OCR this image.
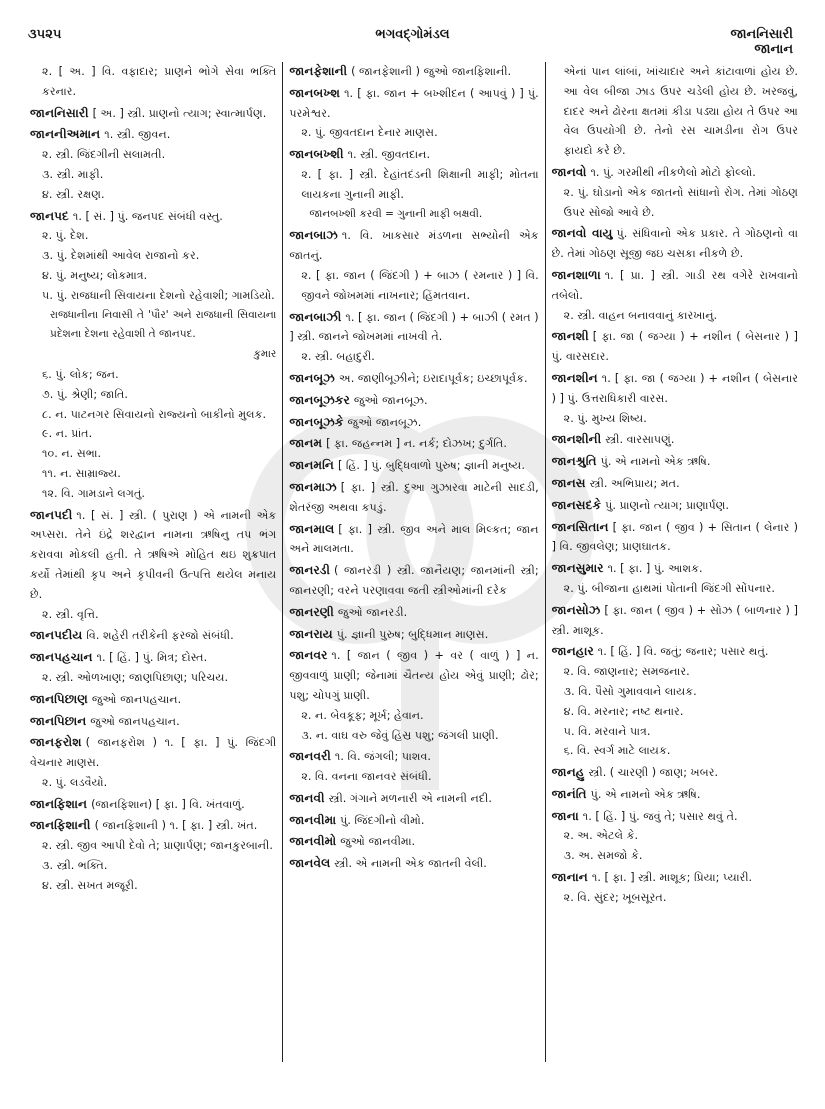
૩૫૨૫	ભગવદ્ગોમંડલ	જાનનિસારી
જાનાન
૨. [ અ. ] વિ. વફાદાર; પ્રાણને ભોગે સેવા ભક્તિ કરનાર.
જાનનિસારી [ અ. ] સ્ત્રી. પ્રાણનો ત્યાગ; સ્વાત્માર્પણ.
જાનનીઅમાન ૧. સ્ત્રી. જીવન.
૨. સ્ત્રી. જિંદગીની સલામતી.
૩. સ્ત્રી. માફી.
૪. સ્ત્રી. રક્ષણ.
જાનપદ ૧. [ સં. ] પું. જનપદ સંબંધી વસ્તુ.
૨. પું. દેશ.
૩. પું. દેશમાંથી આવેલ રાજાનો કર.
૪. પું. મનુષ્ય; લોકમાત્ર.
૫. પું. રાજધાની સિવાયના દેશનો રહેવાશી; ગામડિયો.
રાજધાનીના નિવાસી તે 'પૌર' અને રાજધાની સિવાયના પ્રદેશના દેશના રહેવાશી તે જાનપદ.
કુમાર
૬. પું. લોક; જન.
૭. પું. શ્રેણી; જાતિ.
૮. ન. પાટનગર સિવાયનો રાજ્યનો બાકીનો મુલક.
૯. ન. પ્રાંત.
૧૦. ન. સભા.
૧૧. ન. સામ્રાજ્ય.
૧૨. વિ. ગામડાને લગતું.
જાનપદી ૧. [ સં. ] સ્ત્રી. ( પુરાણ ) એ નામની એક અપ્સરા. તેને ઇંદ્રે શરદ્વાન નામના ઋષિનુ તપ ભંગ કરાવવા મોકલી હતી. તે ઋષિએ મોહિત થઇ શુક્રપાત કર્યો તેમાંથી કૃપ અને કૃપીવની ઉત્પત્તિ થયેલ મનાય છે.
૨. સ્ત્રી. વૃત્તિ.
જાનપદીય વિ. શહેરી તરીકેની ફરજો સંબંધી.
જાનપહચાન ૧. [ હિં. ] પું. મિત્ર; દોસ્ત.
૨. સ્ત્રી. ઓળખાણ; જાણપિછાણ; પરિચય.
જાનપિછાણ જુઓ જાનપહચાન.
જાનપિછાન જુઓ જાનપહચાન.
જાનફરોશ ( જાનફરોશ ) ૧. [ ફા. ] પું. જિંદગી વેચનાર માણસ.
૨. પું. લડવૈયો.
જાનફિશાન (જાનફિશાન) [ ફા. ] વિ. ખંતવાળું.
જાનફિશાની ( જાનફિશાની ) ૧. [ ફા. ] સ્ત્રી. ખંત.
૨. સ્ત્રી. જીવ આપી દેવો તે; પ્રાણાર્પણ; જાનકુરબાની.
૩. સ્ત્રી. ભક્તિ.
૪. સ્ત્રી. સખત મજૂરી.
જાનફેશાની ( જાનફેશાની ) જુઓ જાનફિશાની.
જાનબખ્શ ૧. [ ફા. જાન + બખ્શીદન ( આપવું ) ] પું. પરમેશ્વર.
૨. પું. જીવતદાન દેનાર માણસ.
જાનબખ્શી ૧. સ્ત્રી. જીવતદાન.
૨. [ ફા. ] સ્ત્રી. દેહાંતદંડની શિક્ષાની માફી; મોતના લાયકના ગુનાની માફી.
જાનબખ્શી કરવી = ગુનાની માફી બક્ષવી.
જાનબાઝ ૧. વિ. ખાકસાર મંડળના સભ્યોની એક જાતનું.
૨. [ ફા. જાન ( જિંદગી ) + બાઝ ( રમનાર ) ] વિ. જીવને જોખમમાં નાખનાર; હિંમતવાન.
જાનબાઝી ૧. [ ફા. જાન ( જિંદગી ) + બાઝી ( રમત ) ] સ્ત્રી. જાનને જોખમમાં નાખવી તે.
૨. સ્ત્રી. બહાદુરી.
જાનબૂઝ અ. જાણીબૂઝીને; ઇરાદાપૂર્વક; ઇચ્છાપૂર્વક.
જાનબૂઝકર જુઓ જાનબૂઝ.
જાનબૂઝકે જુઓ જાનબૂઝ.
જાનમ [ ફા. જહન્નમ ] ન. નર્ક; દોઝખ; દુર્ગતિ.
જાનમનિ [ હિં. ] પું. બુદ્ધિવાળો પુરુષ; જ્ઞાની મનુષ્ય.
જાનમાઝ [ ફા. ] સ્ત્રી. દુઆ ગુઝારવા માટેની સાદડી, શેતરંજી અથવા કપડું.
જાનમાલ [ ફા. ] સ્ત્રી. જીવ અને માલ મિલ્કત; જાન અને માલમતા.
જાનરડી ( જાનરડી ) સ્ત્રી. જાનૈયણ; જાનમાંની સ્ત્રી; જાનરણી; વરને પરણાવવા જતી સ્ત્રીઓમાંની દરેક
જાનરણી જુઓ જાનરડી.
જાનરાય પું. જ્ઞાની પુરુષ; બુદ્ધિમાન માણસ.
જાનવર ૧. [ જાન ( જીવ ) + વર ( વાળું ) ] ન. જીવવાળું પ્રાણી; જેનામાં ચૈતન્ય હોય એવું પ્રાણી; ઢોર; પશુ; ચોપગું પ્રાણી.
૨. ન. બેવકૂફ; મૂર્ખ; હેવાન.
૩. ન. વાઘ વરુ જેવું હિંસ્ર પશુ; જંગલી પ્રાણી.
જાનવરી ૧. વિ. જંગલી; પાશવ.
૨. વિ. વનના જાનવર સંબંધી.
જાનવી સ્ત્રી. ગંગાને મળનારી એ નામની નદી.
જાનવીમા પું. જિંદગીનો વીમો.
જાનવીમો જુઓ જાનવીમા.
જાનવેલ સ્ત્રી. એ નામની એક જાતની વેલી.
એનાં પાન લાંબાં, ખાંચાદાર અને કાંટાવાળાં હોય છે. આ વેલ બીજા ઝાડ ઉપર ચડેલી હોય છે. ખરજવું, દાદર અને ઢોરના ક્ષતમાં કીડા પડ્યા હોય તે ઉપર આ વેલ ઉપયોગી છે. તેનો રસ ચામડીના રોગ ઉપર ફાયદો કરે છે.
જાનવો ૧. પું. ગરમીથી નીકળેલો મોટો ફોલ્લો.
૨. પું. ઘોડાનો એક જાતનો સાંધાનો રોગ. તેમાં ગોઠણ ઉપર સોજો આવે છે.
જાનવો વાયુ પું. સંધિવાનો એક પ્રકાર. તે ગોઠણનો વા છે. તેમાં ગોઠણ સૂજી જઇ ચસકા નીકળે છે.
જાનશાળા ૧. [ પ્રા. ] સ્ત્રી. ગાડી રથ વગેરે રાખવાનો તબેલો.
૨. સ્ત્રી. વાહન બનાવવાનું કારખાનું.
જાનશી [ ફા. જા ( જગ્યા ) + નશીન ( બેસનાર ) ] પું. વારસદાર.
જાનશીન ૧. [ ફા. જા ( જગ્યા ) + નશીન ( બેસનાર ) ] પું. ઉત્તરાધિકારી વારસ.
૨. પું. મુખ્ય શિષ્ય.
જાનશીની સ્ત્રી. વારસાપણું.
જાનશ્રુતિ પું. એ નામનો એક ઋષિ.
જાનસ સ્ત્રી. અભિપ્રાય; મત.
જાનસદકે પું. પ્રાણનો ત્યાગ; પ્રાણાર્પણ.
જાનસિતાન [ ફા. જાન ( જીવ ) + સિતાન ( લેનાર ) ] વિ. જીવલેણ; પ્રાણઘાતક.
જાનસુમાર ૧. [ ફા. ] પું. આશક.
૨. પું. બીજાના હાથમાં પોતાની જિંદગી સોંપનાર.
જાનસોઝ [ ફા. જાન ( જીવ ) + સોઝ ( બાળનાર ) ] સ્ત્રી. માશૂક.
જાનહાર ૧. [ હિં. ] વિ. જતું; જનાર; પસાર થતું.
૨. વિ. જાણનાર; સમજનાર.
૩. વિ. પૈસો ગુમાવવાને લાયક.
૪. વિ. મરનાર; નષ્ટ થનાર.
૫. વિ. મરવાને પાત્ર.
૬. વિ. સ્વર્ગ માટે લાયક.
જાનહુ સ્ત્રી. ( ચારણી ) જાણ; ખબર.
જાનંતિ પું. એ નામનો એક ઋષિ.
જાના ૧. [ હિં. ] પું. જવું તે; પસાર થવું તે.
૨. અ. એટલે કે.
૩. અ. સમજો કે.
જાનાન ૧. [ ફા. ] સ્ત્રી. માશૂક; પ્રિયા; પ્યારી.
૨. વિ. સુંદર; ખૂબસૂરત.
